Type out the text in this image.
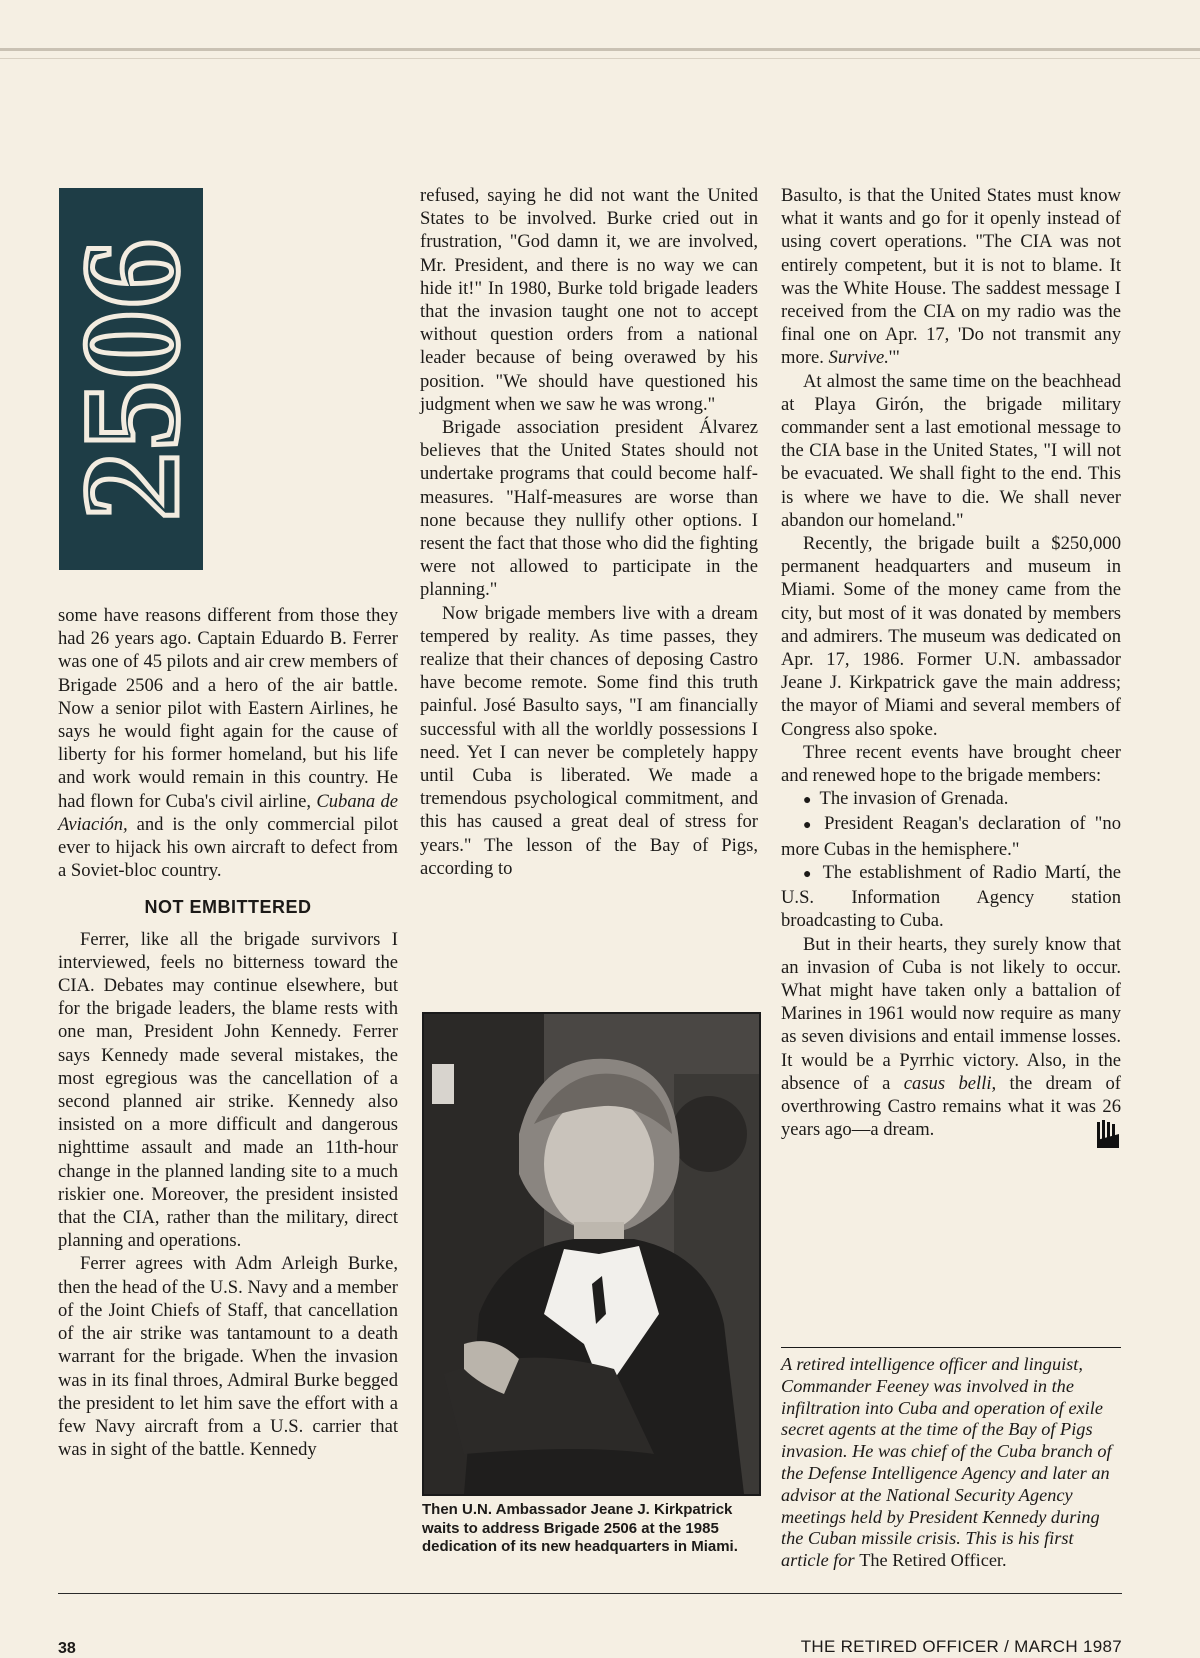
2506

some have reasons different from those they had 26 years ago. Captain Eduardo B. Ferrer was one of 45 pilots and air crew members of Brigade 2506 and a hero of the air battle. Now a senior pilot with Eastern Airlines, he says he would fight again for the cause of liberty for his former homeland, but his life and work would remain in this country. He had flown for Cuba's civil airline, Cubana de Aviación, and is the only commercial pilot ever to hijack his own aircraft to defect from a Soviet-bloc country.

NOT EMBITTERED

Ferrer, like all the brigade survivors I interviewed, feels no bitterness toward the CIA. Debates may continue elsewhere, but for the brigade leaders, the blame rests with one man, President John Kennedy. Ferrer says Kennedy made several mistakes, the most egregious was the cancellation of a second planned air strike. Kennedy also insisted on a more difficult and dangerous nighttime assault and made an 11th-hour change in the planned landing site to a much riskier one. Moreover, the president insisted that the CIA, rather than the military, direct planning and operations.

Ferrer agrees with Adm Arleigh Burke, then the head of the U.S. Navy and a member of the Joint Chiefs of Staff, that cancellation of the air strike was tantamount to a death warrant for the brigade. When the invasion was in its final throes, Admiral Burke begged the president to let him save the effort with a few Navy aircraft from a U.S. carrier that was in sight of the battle. Kennedy

refused, saying he did not want the United States to be involved. Burke cried out in frustration, "God damn it, we are involved, Mr. President, and there is no way we can hide it!" In 1980, Burke told brigade leaders that the invasion taught one not to accept without question orders from a national leader because of being overawed by his position. "We should have questioned his judgment when we saw he was wrong."

Brigade association president Álvarez believes that the United States should not undertake programs that could become half-measures. "Half-measures are worse than none because they nullify other options. I resent the fact that those who did the fighting were not allowed to participate in the planning."

Now brigade members live with a dream tempered by reality. As time passes, they realize that their chances of deposing Castro have become remote. Some find this truth painful. José Basulto says, "I am financially successful with all the worldly possessions I need. Yet I can never be completely happy until Cuba is liberated. We made a tremendous psychological commitment, and this has caused a great deal of stress for years." The lesson of the Bay of Pigs, according to

Then U.N. Ambassador Jeane J. Kirkpatrick waits to address Brigade 2506 at the 1985 dedication of its new headquarters in Miami.

Basulto, is that the United States must know what it wants and go for it openly instead of using covert operations. "The CIA was not entirely competent, but it is not to blame. It was the White House. The saddest message I received from the CIA on my radio was the final one on Apr. 17, 'Do not transmit any more. Survive.'"

At almost the same time on the beachhead at Playa Girón, the brigade military commander sent a last emotional message to the CIA base in the United States, "I will not be evacuated. We shall fight to the end. This is where we have to die. We shall never abandon our homeland."

Recently, the brigade built a $250,000 permanent headquarters and museum in Miami. Some of the money came from the city, but most of it was donated by members and admirers. The museum was dedicated on Apr. 17, 1986. Former U.N. ambassador Jeane J. Kirkpatrick gave the main address; the mayor of Miami and several members of Congress also spoke.

Three recent events have brought cheer and renewed hope to the brigade members:

● The invasion of Grenada.

● President Reagan's declaration of "no more Cubas in the hemisphere."

● The establishment of Radio Martí, the U.S. Information Agency station broadcasting to Cuba.

But in their hearts, they surely know that an invasion of Cuba is not likely to occur. What might have taken only a battalion of Marines in 1961 would now require as many as seven divisions and entail immense losses. It would be a Pyrrhic victory. Also, in the absence of a casus belli, the dream of overthrowing Castro remains what it was 26 years ago—a dream.

A retired intelligence officer and linguist, Commander Feeney was involved in the infiltration into Cuba and operation of exile secret agents at the time of the Bay of Pigs invasion. He was chief of the Cuba branch of the Defense Intelligence Agency and later an advisor at the National Security Agency meetings held by President Kennedy during the Cuban missile crisis. This is his first article for The Retired Officer.
38	THE RETIRED OFFICER / MARCH 1987
